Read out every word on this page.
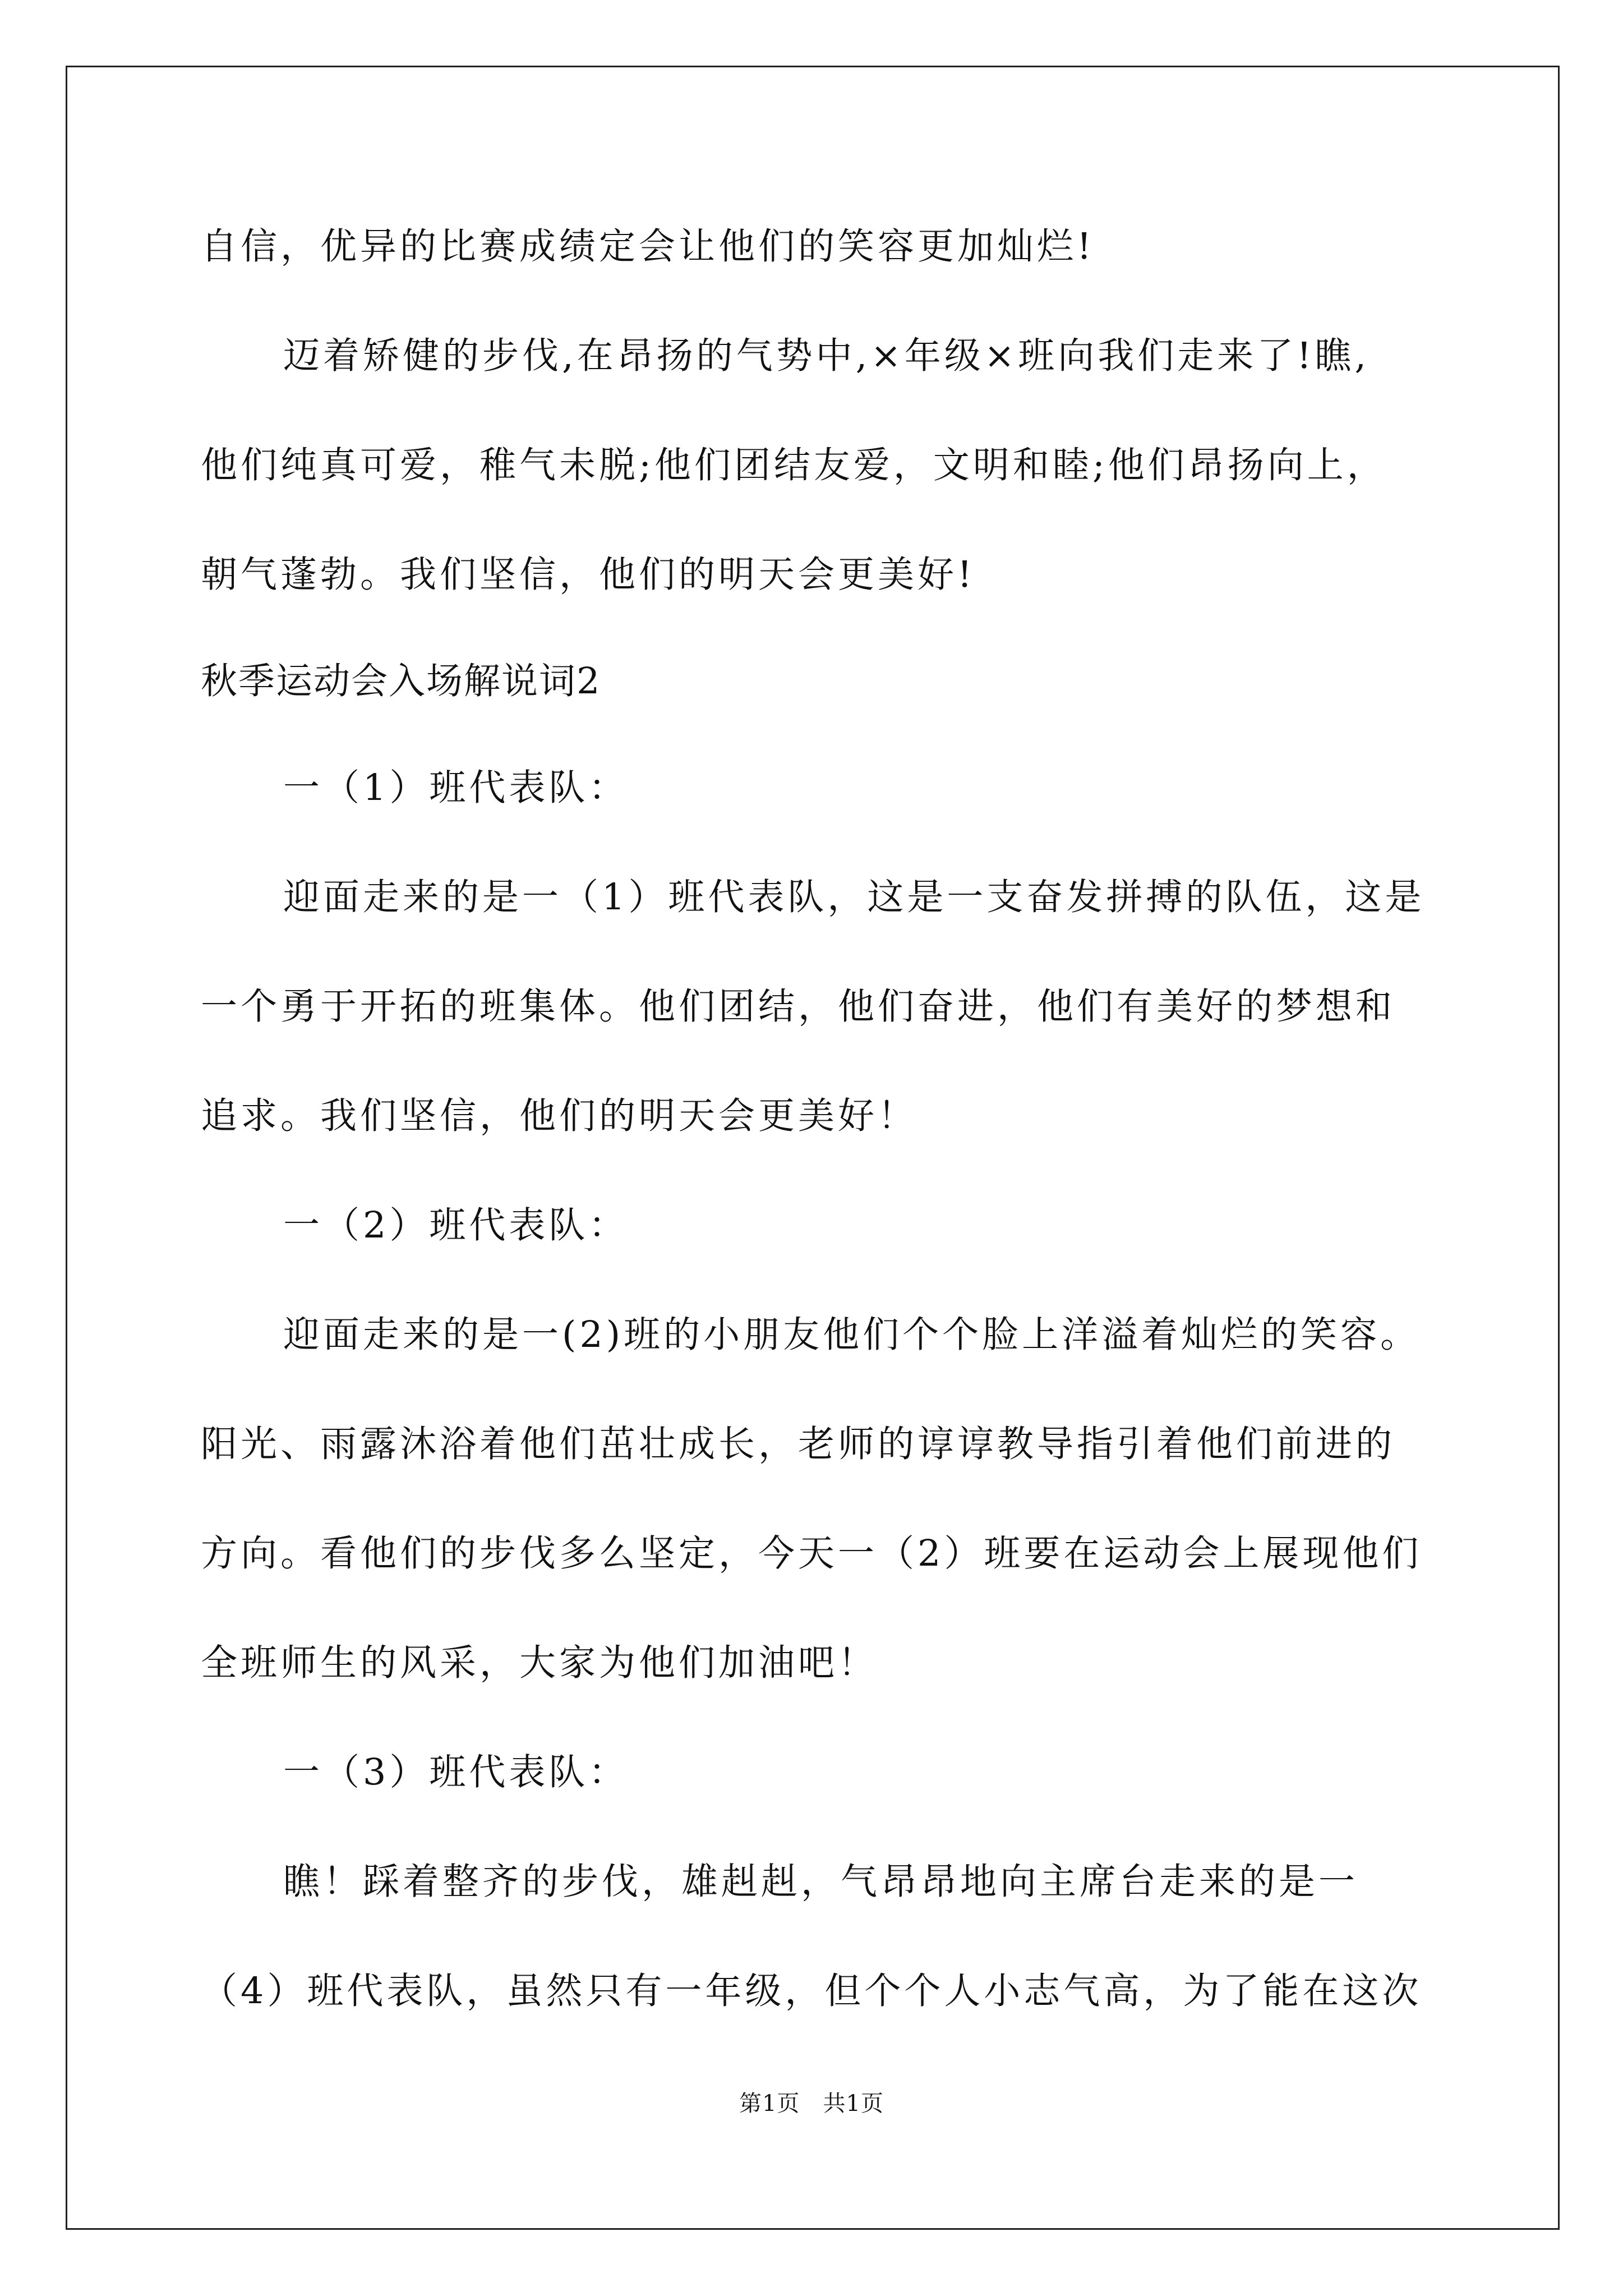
自信，优异的比赛成绩定会让他们的笑容更加灿烂!
迈着矫健的步伐,在昂扬的气势中,×年级×班向我们走来了!瞧,
他们纯真可爱，稚气未脱;他们团结友爱，文明和睦;他们昂扬向上，
朝气蓬勃。我们坚信，他们的明天会更美好!
秋季运动会入场解说词2
一（1）班代表队：
迎面走来的是一（1）班代表队，这是一支奋发拼搏的队伍，这是
一个勇于开拓的班集体。他们团结，他们奋进，他们有美好的梦想和
追求。我们坚信，他们的明天会更美好！
一（2）班代表队：
迎面走来的是一(2)班的小朋友他们个个脸上洋溢着灿烂的笑容。
阳光、雨露沐浴着他们茁壮成长，老师的谆谆教导指引着他们前进的
方向。看他们的步伐多么坚定，今天一（2）班要在运动会上展现他们
全班师生的风采，大家为他们加油吧！
一（3）班代表队：
瞧！踩着整齐的步伐，雄赳赳，气昂昂地向主席台走来的是一
（4）班代表队，虽然只有一年级，但个个人小志气高，为了能在这次
第1页   共1页
